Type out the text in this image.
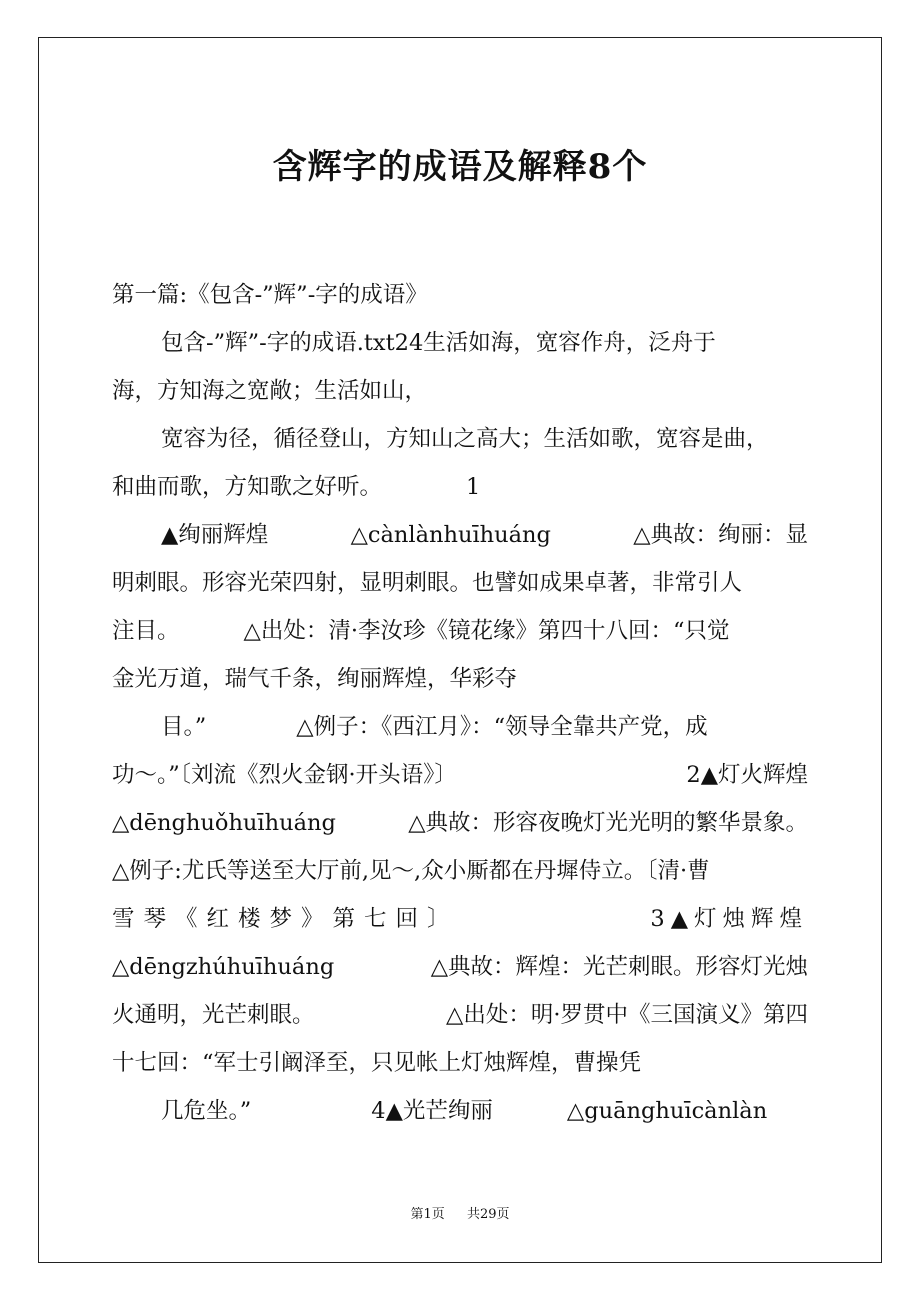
含辉字的成语及解释8个
第一篇:《包含-”辉”-字的成语》
包含-”辉”-字的成语.txt24生活如海，宽容作舟，泛舟于
海，方知海之宽敞；生活如山，
宽容为径，循径登山，方知山之高大；生活如歌，宽容是曲，
和曲而歌，方知歌之好听。	1
▲绚丽辉煌	△cànlànhuīhuáng	△典故：绚丽：显
明刺眼。形容光荣四射，显明刺眼。也譬如成果卓著，非常引人
注目。	△出处：清·李汝珍《镜花缘》第四十八回：“只觉
金光万道，瑞气千条，绚丽辉煌，华彩夺
目。”	△例子：《西江月》：“领导全靠共产党，成
功～。”〔刘流《烈火金钢·开头语》〕	2▲灯火辉煌
△dēnghuǒhuīhuáng	△典故：形容夜晚灯光光明的繁华景象。
△例子:尤氏等送至大厅前,见～,众小厮都在丹墀侍立。〔清·曹
雪琴《红楼梦》第七回〕	3▲灯烛辉煌
△dēngzhúhuīhuáng	△典故：辉煌：光芒刺眼。形容灯光烛
火通明，光芒刺眼。	△出处：明·罗贯中《三国演义》第四
十七回：“军士引阚泽至，只见帐上灯烛辉煌，曹操凭
几危坐。”	4▲光芒绚丽	△guānghuīcànlàn
第1页 共29页
